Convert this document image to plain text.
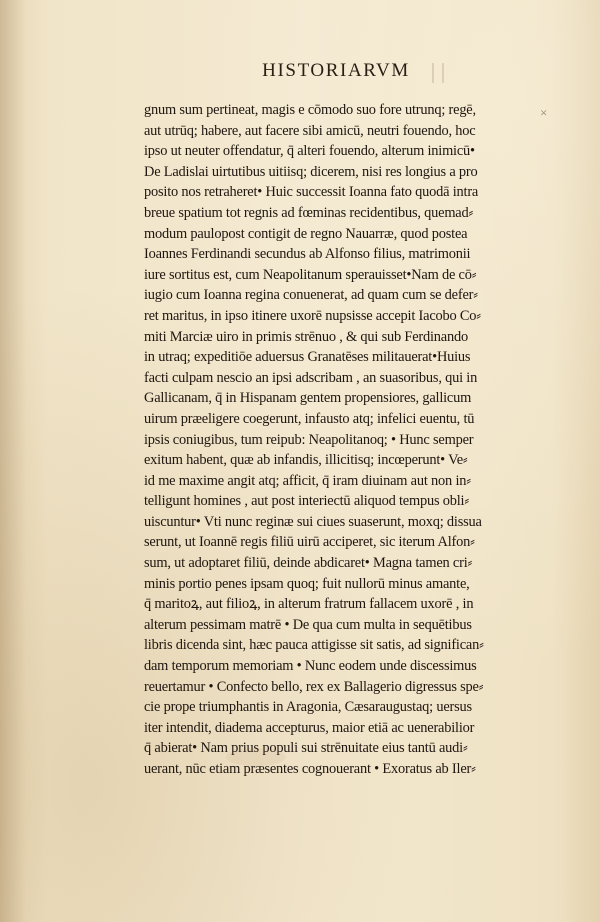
HISTORIARVM
×
gnum sum pertineat, magis e cōmodo suo fore utrunq; regē,
aut utrūq; habere, aut facere sibi amicū, neutri fouendo, hoc
ipso ut neuter offendatur, q̄ alteri fouendo, alterum inimicū•
De Ladislai uirtutibus uitiisq; dicerem, nisi res longius a pro
posito nos retraheret• Huic successit Ioanna fato quodā intra
breue spatium tot regnis ad fœminas recidentibus, quemad⸗
modum paulopost contigit de regno Nauarræ, quod postea
Ioannes Ferdinandi secundus ab Alfonso filius, matrimonii
iure sortitus est, cum Neapolitanum sperauisset•Nam de cō⸗
iugio cum Ioanna regina conuenerat, ad quam cum se defer⸗
ret maritus, in ipso itinere uxorē nupsisse accepit Iacobo Co⸗
miti Marciæ uiro in primis strēnuo , & qui sub Ferdinando
in utraq; expeditiōe aduersus Granatēses militauerat•Huius
facti culpam nescio an ipsi adscribam , an suasoribus, qui in
Gallicanam, q̄ in Hispanam gentem propensiores, gallicum
uirum præeligere coegerunt, infausto atq; infelici euentu, tū
ipsis coniugibus, tum reipub: Neapolitanoq; • Hunc semper
exitum habent, quæ ab infandis, illicitisq; incœperunt• Ve⸗
id me maxime angit atq; afficit, q̄ iram diuinam aut non in⸗
telligunt homines , aut post interiectū aliquod tempus obli⸗
uiscuntur• Vti nunc reginæ sui ciues suaserunt, moxq; dissua
serunt, ut Ioannē regis filiū uirū acciperet, sic iterum Alfon⸗
sum, ut adoptaret filiū, deinde abdicaret• Magna tamen cri⸗
minis portio penes ipsam quoq; fuit nullorū minus amante,
q̄ maritoꝝ, aut filioꝝ, in alterum fratrum fallacem uxorē , in
alterum pessimam matrē • De qua cum multa in sequētibus
libris dicenda sint, hæc pauca attigisse sit satis, ad significan⸗
dam temporum memoriam • Nunc eodem unde discessimus
reuertamur • Confecto bello, rex ex Ballagerio digressus spe⸗
cie prope triumphantis in Aragonia, Cæsaraugustaq; uersus
iter intendit, diadema accepturus, maior etiā ac uenerabilior
q̄ abierat• Nam prius populi sui strēnuitate eius tantū audi⸗
uerant, nūc etiam præsentes cognouerant • Exoratus ab Iler⸗
